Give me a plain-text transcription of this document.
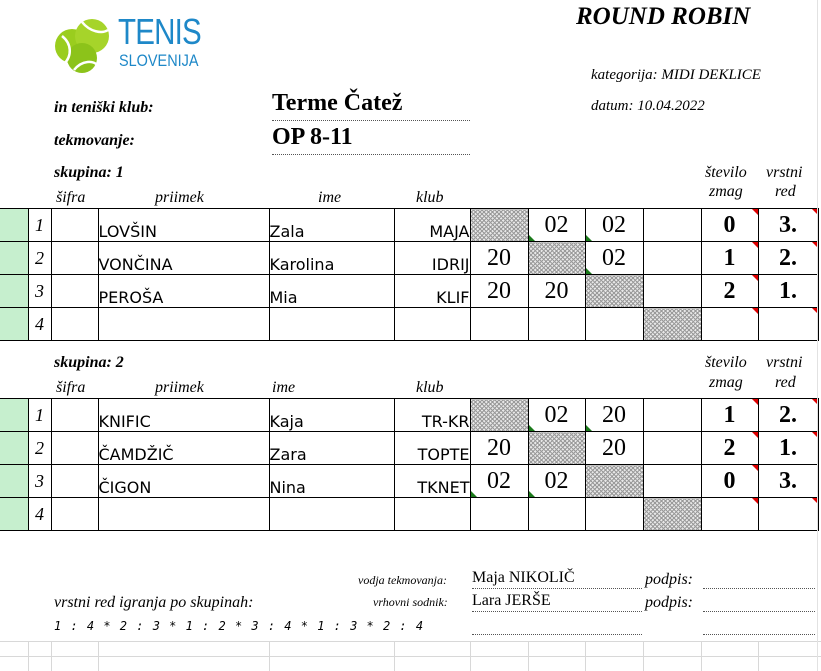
TENIS
SLOVENIJA
ROUND ROBIN
kategorija: MIDI DEKLICE
datum: 10.04.2022
in teniški klub:	Terme Čatež
tekmovanje:	OP 8-11
skupina: 1
šifra	priimek	ime	klub
število
zmag
vrstni
red
	1		LOVŠIN	Zala	MAJA		02	02		0	3.
	2		VONČINA	Karolina	IDRIJ	20		02		1	2.
	3		PEROŠA	Mia	KLIF	20	20			2	1.
	4										
skupina: 2
šifra	priimek	ime	klub
število
zmag
vrstni
red
	1		KNIFIC	Kaja	TR-KR		02	20		1	2.
	2		ČAMDŽIČ	Zara	TOPTE	20		20		2	1.
	3		ČIGON	Nina	TKNET	02	02			0	3.
	4										
vodja tekmovanja: Maja NIKOLIČ	podpis:
vrstni red igranja po skupinah:	vrhovni sodnik: Lara JERŠE	podpis:
1 : 4 * 2 : 3 * 1 : 2 * 3 : 4 * 1 : 3 * 2 : 4
